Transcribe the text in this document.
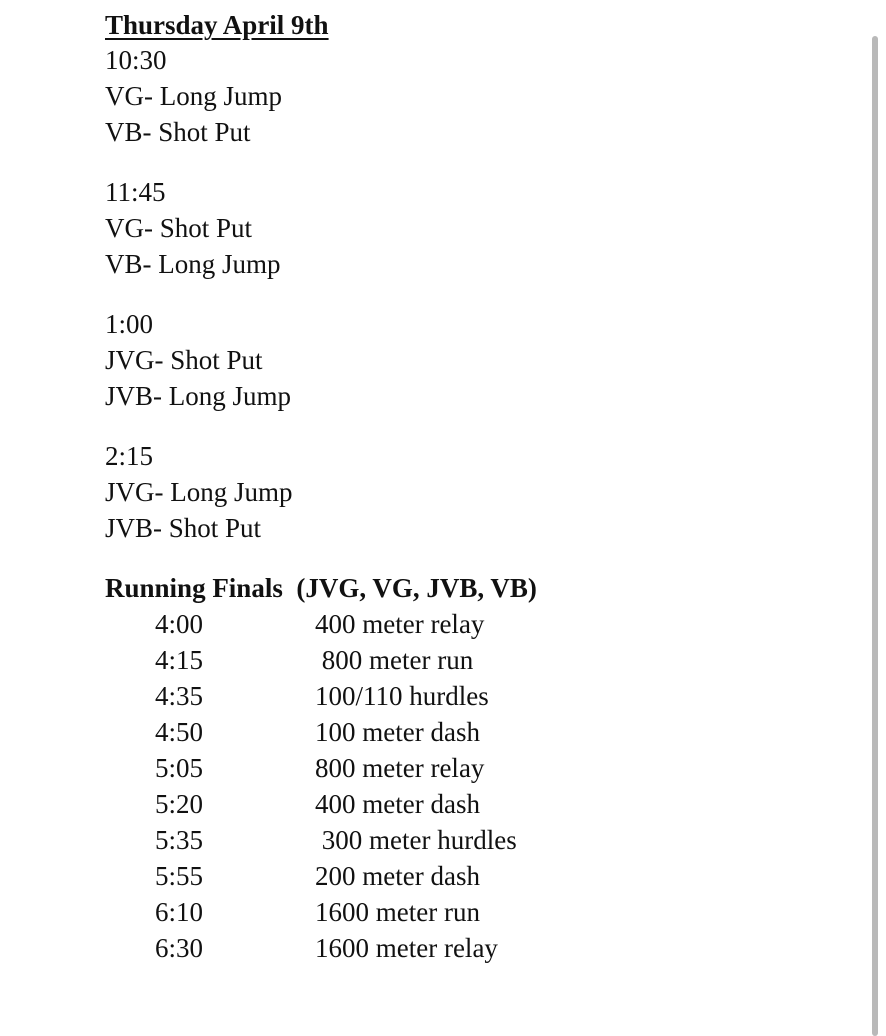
Thursday April 9th
10:30
VG- Long Jump
VB- Shot Put
11:45
VG- Shot Put
VB- Long Jump
1:00
JVG- Shot Put
JVB- Long Jump
2:15
JVG- Long Jump
JVB- Shot Put
Running Finals  (JVG, VG, JVB, VB)
4:00	400 meter relay
4:15	800 meter run
4:35	100/110 hurdles
4:50	100 meter dash
5:05	800 meter relay
5:20	400 meter dash
5:35	300 meter hurdles
5:55	200 meter dash
6:10	1600 meter run
6:30	1600 meter relay
